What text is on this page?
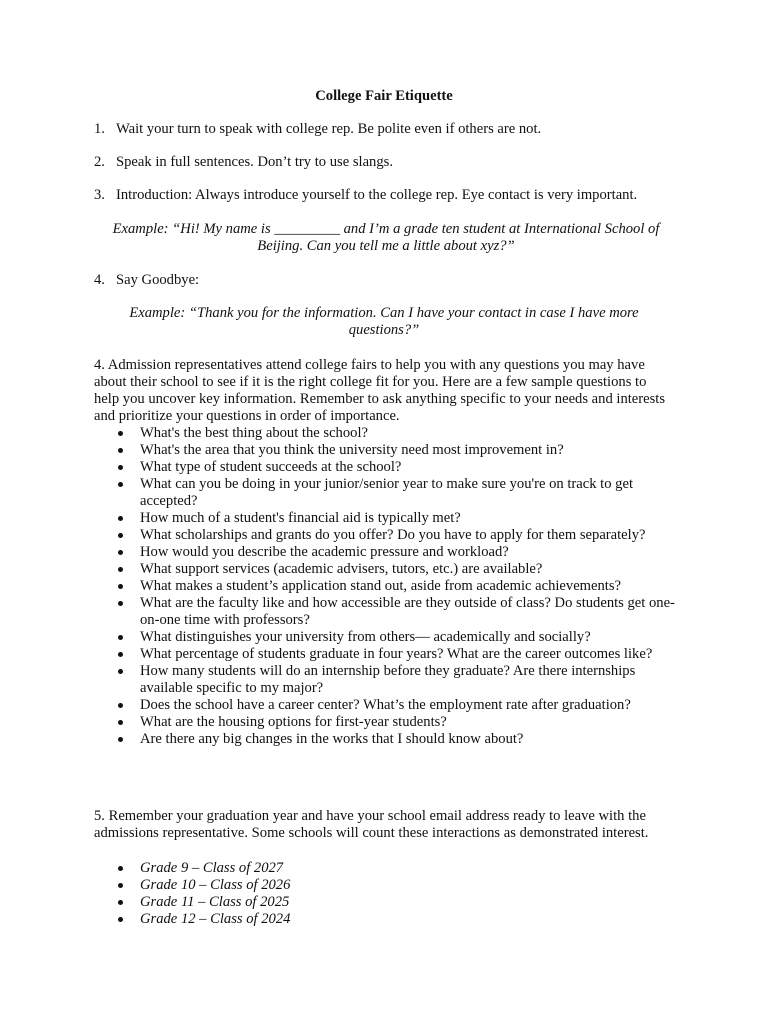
College Fair Etiquette
1. Wait your turn to speak with college rep. Be polite even if others are not.
2. Speak in full sentences. Don’t try to use slangs.
3. Introduction: Always introduce yourself to the college rep. Eye contact is very important.
Example: “Hi! My name is _________ and I’m a grade ten student at International School of
Beijing. Can you tell me a little about xyz?”
4. Say Goodbye:
Example: “Thank you for the information. Can I have your contact in case I have more
questions?”
4. Admission representatives attend college fairs to help you with any questions you may have about their school to see if it is the right college fit for you. Here are a few sample questions to help you uncover key information. Remember to ask anything specific to your needs and interests and prioritize your questions in order of importance.
What's the best thing about the school?
What's the area that you think the university need most improvement in?
What type of student succeeds at the school?
What can you be doing in your junior/senior year to make sure you're on track to get accepted?
How much of a student's financial aid is typically met?
What scholarships and grants do you offer? Do you have to apply for them separately?
How would you describe the academic pressure and workload?
What support services (academic advisers, tutors, etc.) are available?
What makes a student’s application stand out, aside from academic achievements?
What are the faculty like and how accessible are they outside of class? Do students get one-on-one time with professors?
What distinguishes your university from others— academically and socially?
What percentage of students graduate in four years? What are the career outcomes like?
How many students will do an internship before they graduate? Are there internships available specific to my major?
Does the school have a career center? What’s the employment rate after graduation?
What are the housing options for first-year students?
Are there any big changes in the works that I should know about?
5. Remember your graduation year and have your school email address ready to leave with the admissions representative. Some schools will count these interactions as demonstrated interest.
Grade 9 – Class of 2027
Grade 10 – Class of 2026
Grade 11 – Class of 2025
Grade 12 – Class of 2024
